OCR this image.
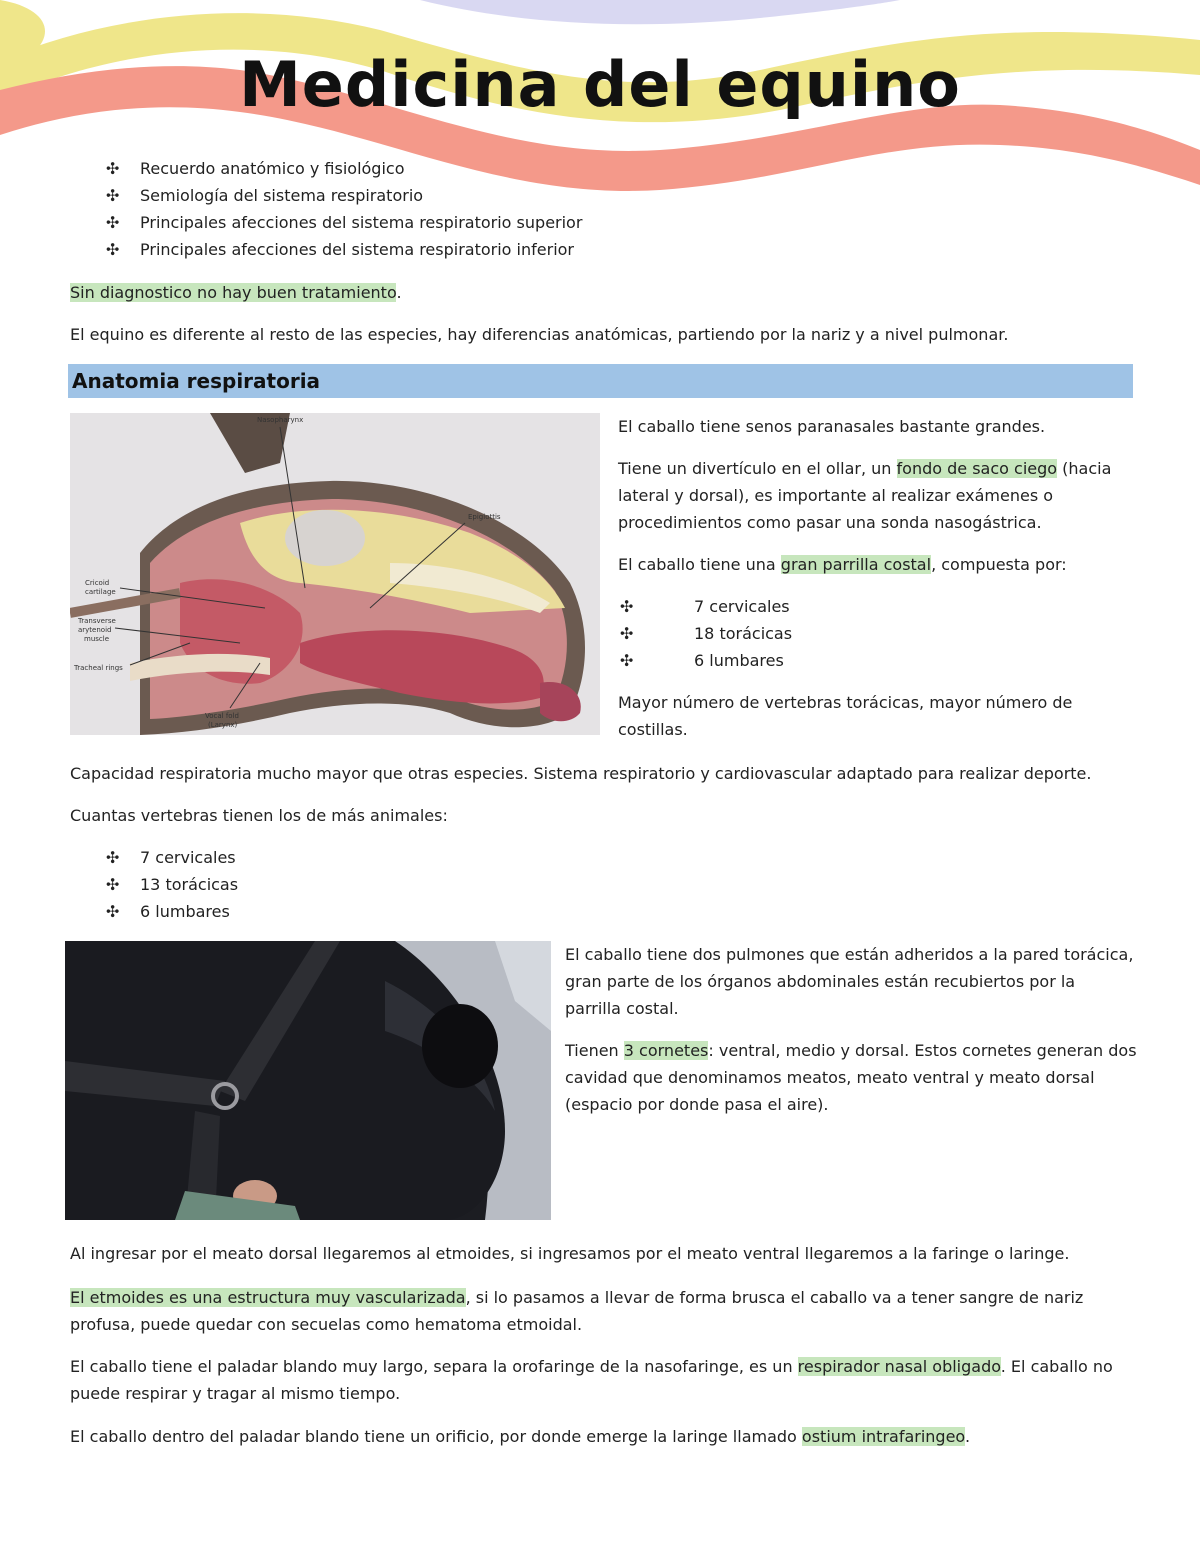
Medicina del equino
✣ Recuerdo anatómico y fisiológico
✣ Semiología del sistema respiratorio
✣ Principales afecciones del sistema respiratorio superior
✣ Principales afecciones del sistema respiratorio inferior

Sin diagnostico no hay buen tratamiento.

El equino es diferente al resto de las especies, hay diferencias anatómicas, partiendo por la nariz y a nivel pulmonar.

Anatomia respiratoria
Nasopharynx
Epiglottis
Cricoid
cartilage
Transverse
arytenoid
muscle
Tracheal rings
Vocal fold
(Larynx)

El caballo tiene senos paranasales bastante grandes.

Tiene un divertículo en el ollar, un fondo de saco ciego (hacia

lateral y dorsal), es importante al realizar exámenes o

procedimientos como pasar una sonda nasogástrica.

El caballo tiene una gran parrilla costal, compuesta por:

✣	7 cervicales
✣	18 torácicas
✣	6 lumbares

Mayor número de vertebras torácicas, mayor número de

costillas.

Capacidad respiratoria mucho mayor que otras especies. Sistema respiratorio y cardiovascular adaptado para realizar deporte.

Cuantas vertebras tienen los de más animales:

✣ 7 cervicales
✣ 13 torácicas
✣ 6 lumbares

El caballo tiene dos pulmones que están adheridos a la pared torácica,

gran parte de los órganos abdominales están recubiertos por la

parrilla costal.

Tienen 3 cornetes: ventral, medio y dorsal. Estos cornetes generan dos

cavidad que denominamos meatos, meato ventral y meato dorsal

(espacio por donde pasa el aire).

Al ingresar por el meato dorsal llegaremos al etmoides, si ingresamos por el meato ventral llegaremos a la faringe o laringe.

El etmoides es una estructura muy vascularizada, si lo pasamos a llevar de forma brusca el caballo va a tener sangre de nariz

profusa, puede quedar con secuelas como hematoma etmoidal.

El caballo tiene el paladar blando muy largo, separa la orofaringe de la nasofaringe, es un respirador nasal obligado. El caballo no

puede respirar y tragar al mismo tiempo.

El caballo dentro del paladar blando tiene un orificio, por donde emerge la laringe llamado ostium intrafaringeo.
